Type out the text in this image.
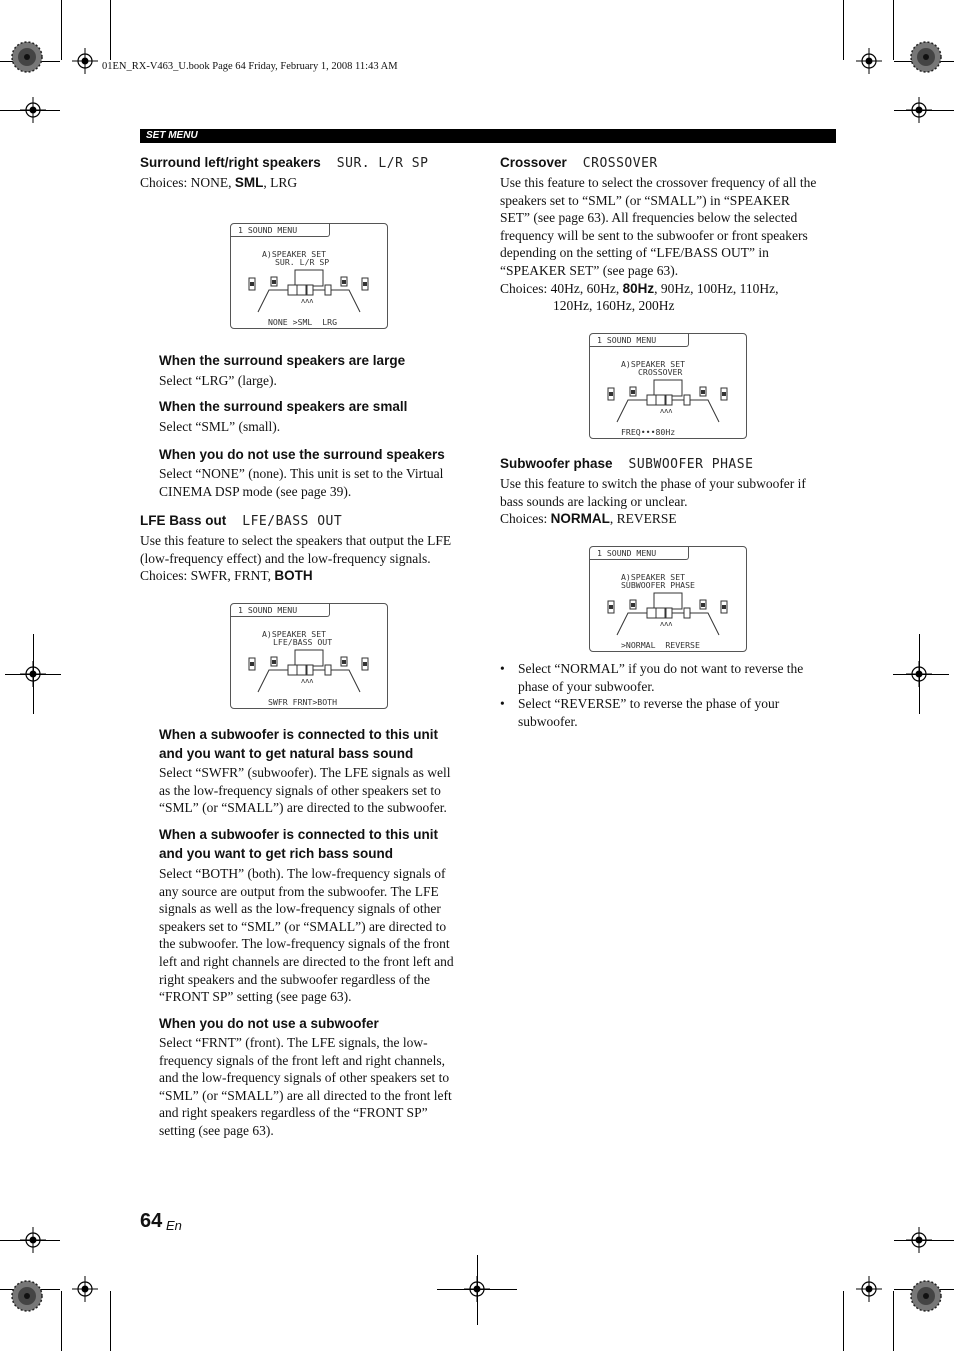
01EN_RX-V463_U.book Page 64 Friday, February 1, 2008 11:43 AM
SET MENU
Surround left/right speakers SUR. L/R SP
Choices: NONE, SML, LRG
1 SOUND MENU
A)SPEAKER SET
SUR. L/R SP
NONE >SML  LRG
ᴧᴧᴧ
When the surround speakers are large
Select “LRG” (large).
When the surround speakers are small
Select “SML” (small).
When you do not use the surround speakers
Select “NONE” (none). This unit is set to the Virtual
CINEMA DSP mode (see page 39).
LFE Bass out LFE/BASS OUT
Use this feature to select the speakers that output the LFE
(low-frequency effect) and the low-frequency signals.
Choices: SWFR, FRNT, BOTH
1 SOUND MENU
A)SPEAKER SET
LFE/BASS OUT
SWFR FRNT>BOTH
ᴧᴧᴧ
When a subwoofer is connected to this unit
and you want to get natural bass sound
Select “SWFR” (subwoofer). The LFE signals as well
as the low-frequency signals of other speakers set to
“SML” (or “SMALL”) are directed to the subwoofer.
When a subwoofer is connected to this unit
and you want to get rich bass sound
Select “BOTH” (both). The low-frequency signals of
any source are output from the subwoofer. The LFE
signals as well as the low-frequency signals of other
speakers set to “SML” (or “SMALL”) are directed to
the subwoofer. The low-frequency signals of the front
left and right channels are directed to the front left and
right speakers and the subwoofer regardless of the
“FRONT SP” setting (see page 63).
When you do not use a subwoofer
Select “FRNT” (front). The LFE signals, the low-
frequency signals of the front left and right channels,
and the low-frequency signals of other speakers set to
“SML” (or “SMALL”) are all directed to the front left
and right speakers regardless of the “FRONT SP”
setting (see page 63).
Crossover CROSSOVER
Use this feature to select the crossover frequency of all the
speakers set to “SML” (or “SMALL”) in “SPEAKER
SET” (see page 63). All frequencies below the selected
frequency will be sent to the subwoofer or front speakers
depending on the setting of “LFE/BASS OUT” in
“SPEAKER SET” (see page 63).
Choices: 40Hz, 60Hz, 80Hz, 90Hz, 100Hz, 110Hz,
120Hz, 160Hz, 200Hz
1 SOUND MENU
A)SPEAKER SET
CROSSOVER
FREQ•••80Hz
ᴧᴧᴧ
Subwoofer phase SUBWOOFER PHASE
Use this feature to switch the phase of your subwoofer if
bass sounds are lacking or unclear.
Choices: NORMAL, REVERSE
1 SOUND MENU
A)SPEAKER SET
SUBWOOFER PHASE
>NORMAL  REVERSE
ᴧᴧᴧ
• Select “NORMAL” if you do not want to reverse the
phase of your subwoofer.
• Select “REVERSE” to reverse the phase of your
subwoofer.
64 En
